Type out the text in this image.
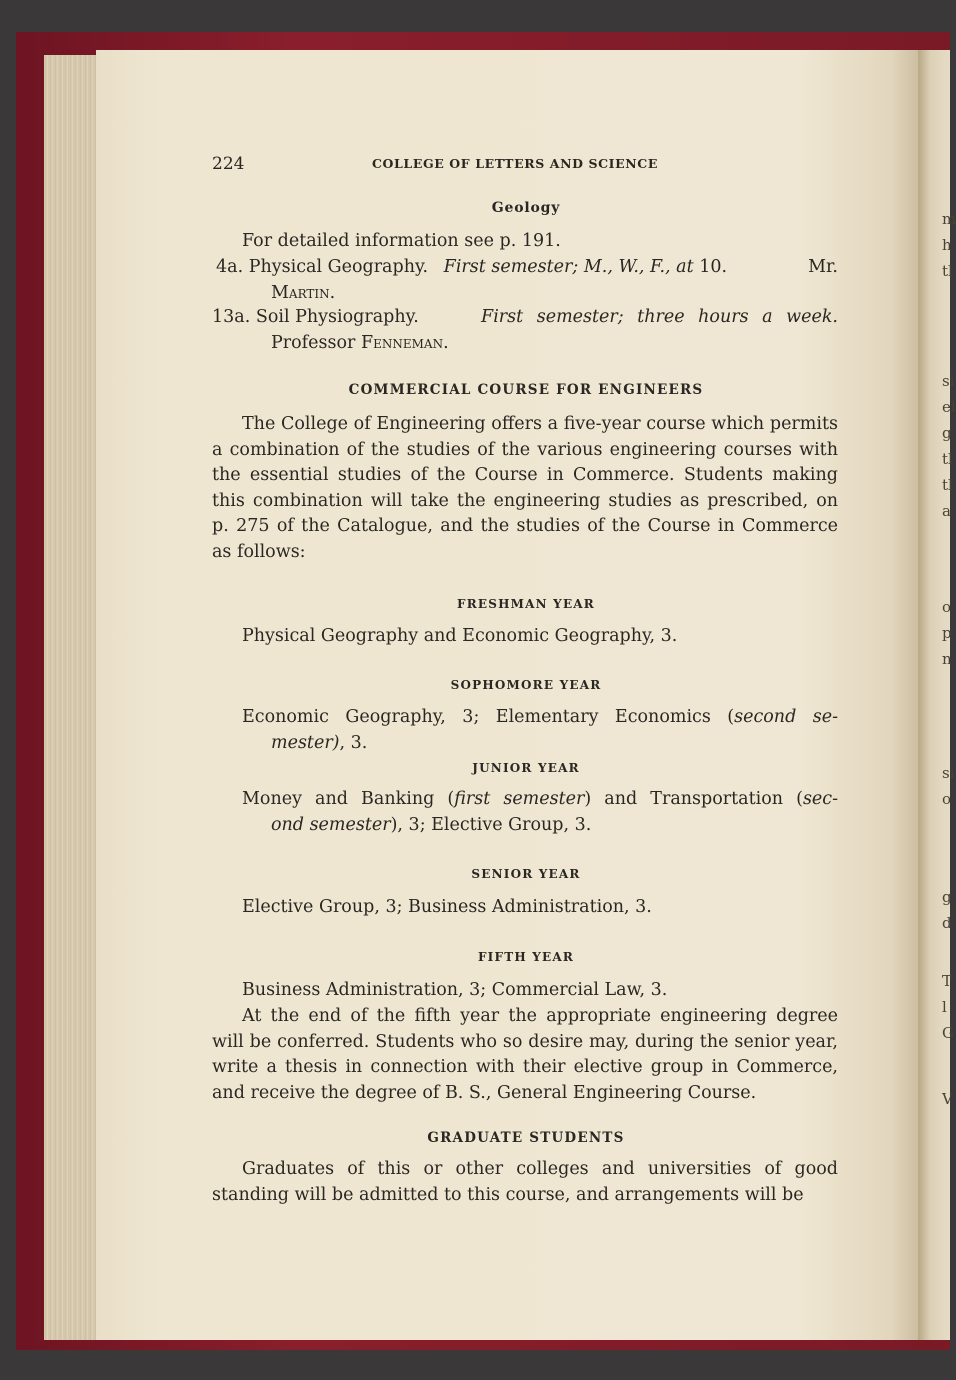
m
h
tl
si
el
g
tl
tl
a
o
p
n
si
o
g
d
T
l
G
V
224	COLLEGE OF LETTERS AND SCIENCE
Geology
For detailed information see p. 191.
4a. Physical Geography. First semester; M., W., F., at 10.	Mr.
Martin.
13a. Soil Physiography.	First semester; three hours a week.
Professor Fenneman.
COMMERCIAL COURSE FOR ENGINEERS
The College of Engineering offers a five-year course which permits a combination of the studies of the various engineering courses with the essential studies of the Course in Commerce. Students making this combination will take the engineering studies as prescribed, on p. 275 of the Catalogue, and the studies of the Course in Commerce as follows:
FRESHMAN YEAR
Physical Geography and Economic Geography, 3.
SOPHOMORE YEAR
Economic Geography, 3; Elementary Economics (second se-
mester), 3.
JUNIOR YEAR
Money and Banking (first semester) and Transportation (sec-
ond semester), 3; Elective Group, 3.
SENIOR YEAR
Elective Group, 3; Business Administration, 3.
FIFTH YEAR
Business Administration, 3; Commercial Law, 3.
At the end of the fifth year the appropriate engineering degree will be conferred. Students who so desire may, during the senior year, write a thesis in connection with their elective group in Commerce, and receive the degree of B. S., General Engineering Course.
GRADUATE STUDENTS
Graduates of this or other colleges and universities of good standing will be admitted to this course, and arrangements will be
